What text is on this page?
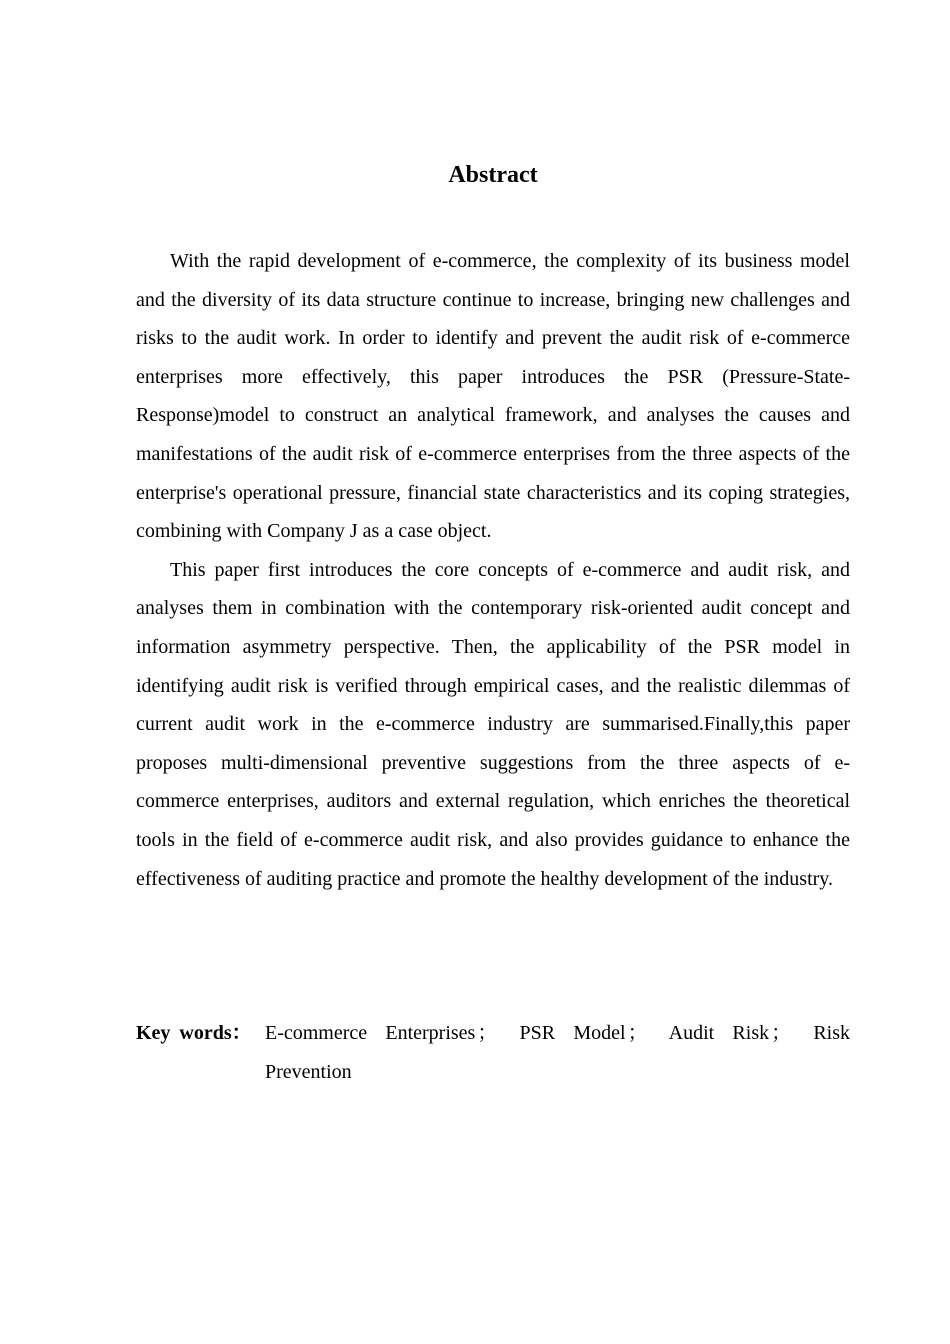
Abstract

With the rapid development of e-commerce, the complexity of its business model and the diversity of its data structure continue to increase, bringing new challenges and risks to the audit work. In order to identify and prevent the audit risk of e-commerce enterprises more effectively, this paper introduces the PSR (Pressure-State-Response)model to construct an analytical framework, and analyses the causes and manifestations of the audit risk of e-commerce enterprises from the three aspects of the enterprise's operational pressure, financial state characteristics and its coping strategies, combining with Company J as a case object.

This paper first introduces the core concepts of e-commerce and audit risk, and analyses them in combination with the contemporary risk-oriented audit concept and information asymmetry perspective. Then, the applicability of the PSR model in identifying audit risk is verified through empirical cases, and the realistic dilemmas of current audit work in the e-commerce industry are summarised.Finally,this paper proposes multi-dimensional preventive suggestions from the three aspects of e-commerce enterprises, auditors and external regulation, which enriches the theoretical tools in the field of e-commerce audit risk, and also provides guidance to enhance the effectiveness of auditing practice and promote the healthy development of the industry.

Key words： E-commerce Enterprises ； PSR Model ； Audit Risk ； Risk Prevention
